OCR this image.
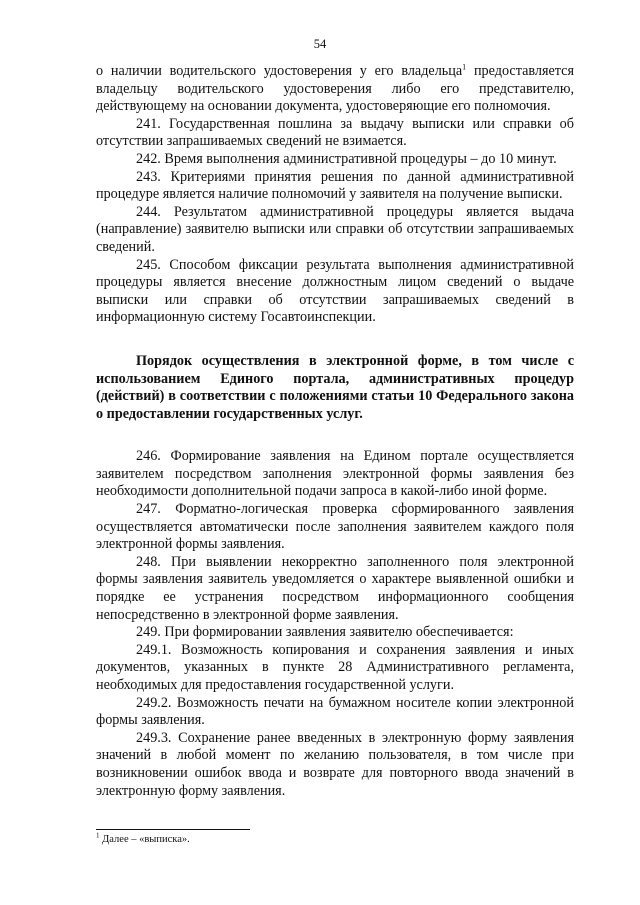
54

о наличии водительского удостоверения у его владельца$^1$ предоставляется владельцу водительского удостоверения либо его представителю, действующему на основании документа, удостоверяющие его полномочия.

241. Государственная пошлина за выдачу выписки или справки об отсутствии запрашиваемых сведений не взимается.

242. Время выполнения административной процедуры – до 10 минут.

243. Критериями принятия решения по данной административной процедуре является наличие полномочий у заявителя на получение выписки.

244. Результатом административной процедуры является выдача (направление) заявителю выписки или справки об отсутствии запрашиваемых сведений.

245. Способом фиксации результата выполнения административной процедуры является внесение должностным лицом сведений о выдаче выписки или справки об отсутствии запрашиваемых сведений в информационную систему Госавтоинспекции.

Порядок осуществления в электронной форме, в том числе с использованием Единого портала, административных процедур (действий) в соответствии с положениями статьи 10 Федерального закона о предоставлении государственных услуг.

246. Формирование заявления на Едином портале осуществляется заявителем посредством заполнения электронной формы заявления без необходимости дополнительной подачи запроса в какой-либо иной форме.

247. Форматно-логическая проверка сформированного заявления осуществляется автоматически после заполнения заявителем каждого поля электронной формы заявления.

248. При выявлении некорректно заполненного поля электронной формы заявления заявитель уведомляется о характере выявленной ошибки и порядке ее устранения посредством информационного сообщения непосредственно в электронной форме заявления.

249. При формировании заявления заявителю обеспечивается:

249.1. Возможность копирования и сохранения заявления и иных документов, указанных в пункте 28 Административного регламента, необходимых для предоставления государственной услуги.

249.2. Возможность печати на бумажном носителе копии электронной формы заявления.

249.3. Сохранение ранее введенных в электронную форму заявления значений в любой момент по желанию пользователя, в том числе при возникновении ошибок ввода и возврате для повторного ввода значений в электронную форму заявления.

$^1$ Далее – «выписка».
